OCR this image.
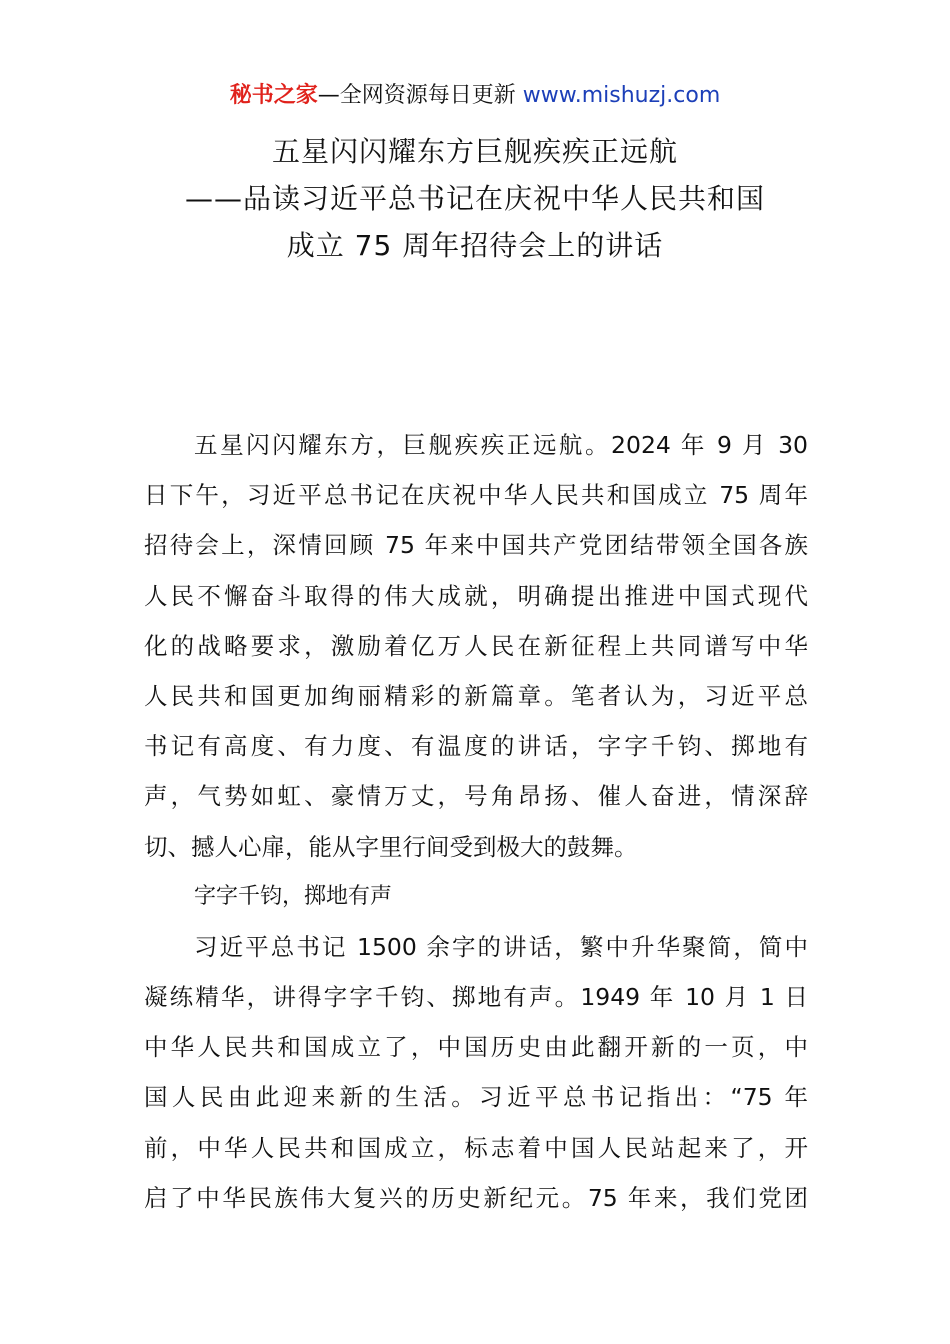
秘书之家—全网资源每日更新 www.mishuzj.com
五星闪闪耀东方巨舰疾疾正远航
——品读习近平总书记在庆祝中华人民共和国
成立 75 周年招待会上的讲话
五星闪闪耀东方，巨舰疾疾正远航。2024 年 9 月 30
日下午，习近平总书记在庆祝中华人民共和国成立 75 周年
招待会上，深情回顾 75 年来中国共产党团结带领全国各族
人民不懈奋斗取得的伟大成就，明确提出推进中国式现代
化的战略要求，激励着亿万人民在新征程上共同谱写中华
人民共和国更加绚丽精彩的新篇章。笔者认为，习近平总
书记有高度、有力度、有温度的讲话，字字千钧、掷地有
声，气势如虹、豪情万丈，号角昂扬、催人奋进，情深辞
切、撼人心扉，能从字里行间受到极大的鼓舞。
字字千钧，掷地有声
习近平总书记 1500 余字的讲话，繁中升华聚简，简中
凝练精华，讲得字字千钧、掷地有声。1949 年 10 月 1 日
中华人民共和国成立了，中国历史由此翻开新的一页，中
国人民由此迎来新的生活。习近平总书记指出：“75 年
前，中华人民共和国成立，标志着中国人民站起来了，开
启了中华民族伟大复兴的历史新纪元。75 年来，我们党团
